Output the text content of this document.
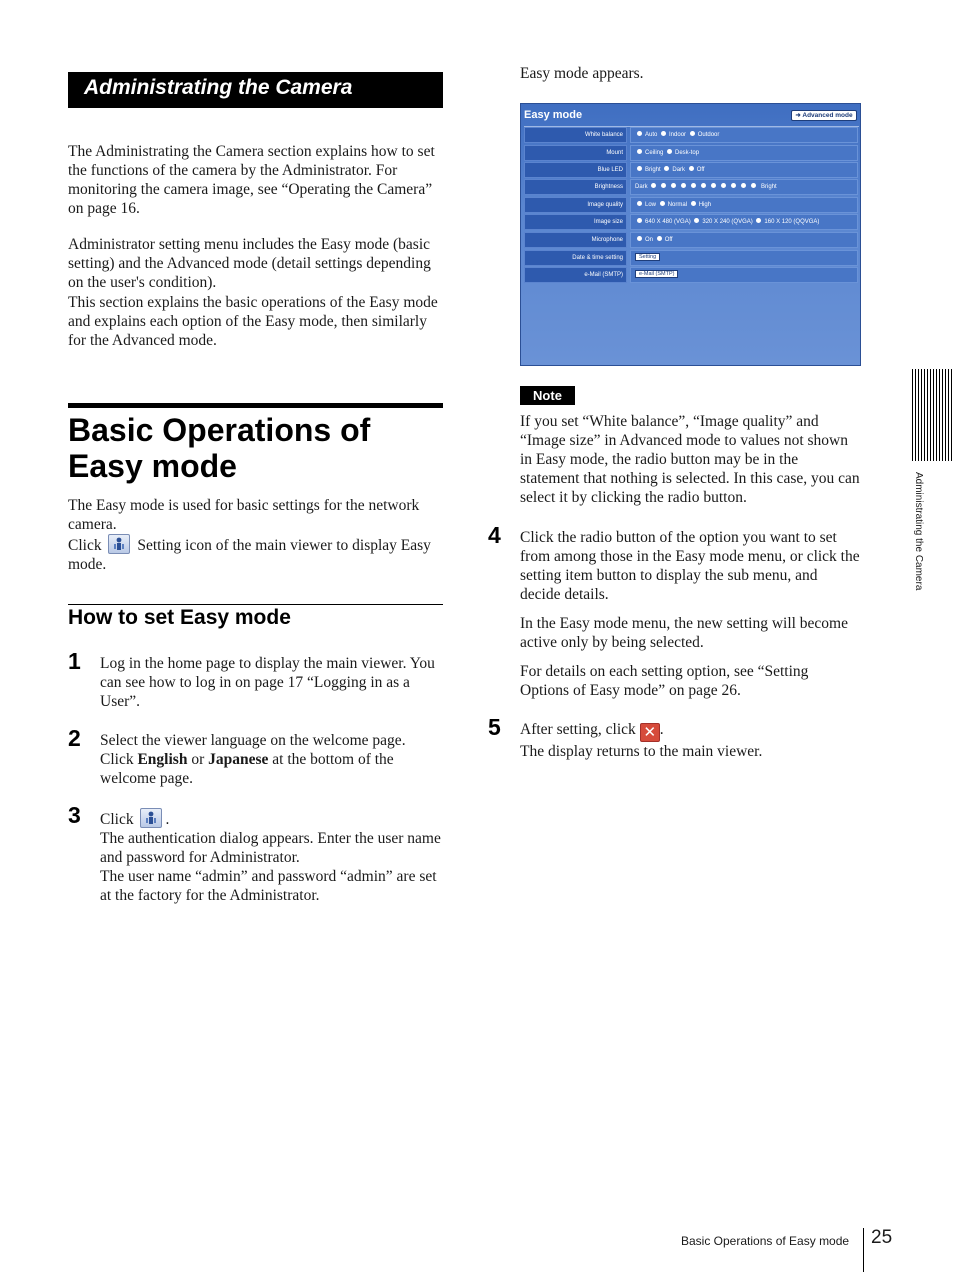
Administrating the Camera
The Administrating the Camera section explains how to set the functions of the camera by the Administrator. For monitoring the camera image, see “Operating the Camera” on page 16.
Administrator setting menu includes the Easy mode (basic setting) and the Advanced mode (detail settings depending on the user's condition).
This section explains the basic operations of the Easy mode and explains each option of the Easy mode, then similarly for the Advanced mode.
Basic Operations of
Easy mode
The Easy mode is used for basic settings for the network camera.
Click Setting icon of the main viewer to display Easy mode.
How to set Easy mode
1 Log in the home page to display the main viewer. You can see how to log in on page 17 “Logging in as a User”.
2 Select the viewer language on the welcome page.
Click English or Japanese at the bottom of the welcome page.
3 Click .
The authentication dialog appears. Enter the user name and password for Administrator.
The user name “admin” and password “admin” are set at the factory for the Administrator.
Easy mode appears.
Easy mode	➜ Advanced mode
White balance	Auto Indoor Outdoor
Mount	Ceiling Desk-top
Blue LED	Bright Dark Off
Brightness	Dark	Bright
Image quality	Low Normal High
Image size	640 X 480 (VGA) 320 X 240 (QVGA) 160 X 120 (QQVGA)
Microphone	On Off
Date & time setting	Setting
e-Mail (SMTP)	e-Mail (SMTP)
Note
If you set “White balance”, “Image quality” and “Image size” in Advanced mode to values not shown in Easy mode, the radio button may be in the statement that nothing is selected. In this case, you can select it by clicking the radio button.
4 Click the radio button of the option you want to set from among those in the Easy mode menu, or click the setting item button to display the sub menu, and decide details.
In the Easy mode menu, the new setting will become active only by being selected.
For details on each setting option, see “Setting Options of Easy mode” on page 26.
5 After setting, click ✕ .
The display returns to the main viewer.
Administrating the Camera
Basic Operations of Easy mode 25
